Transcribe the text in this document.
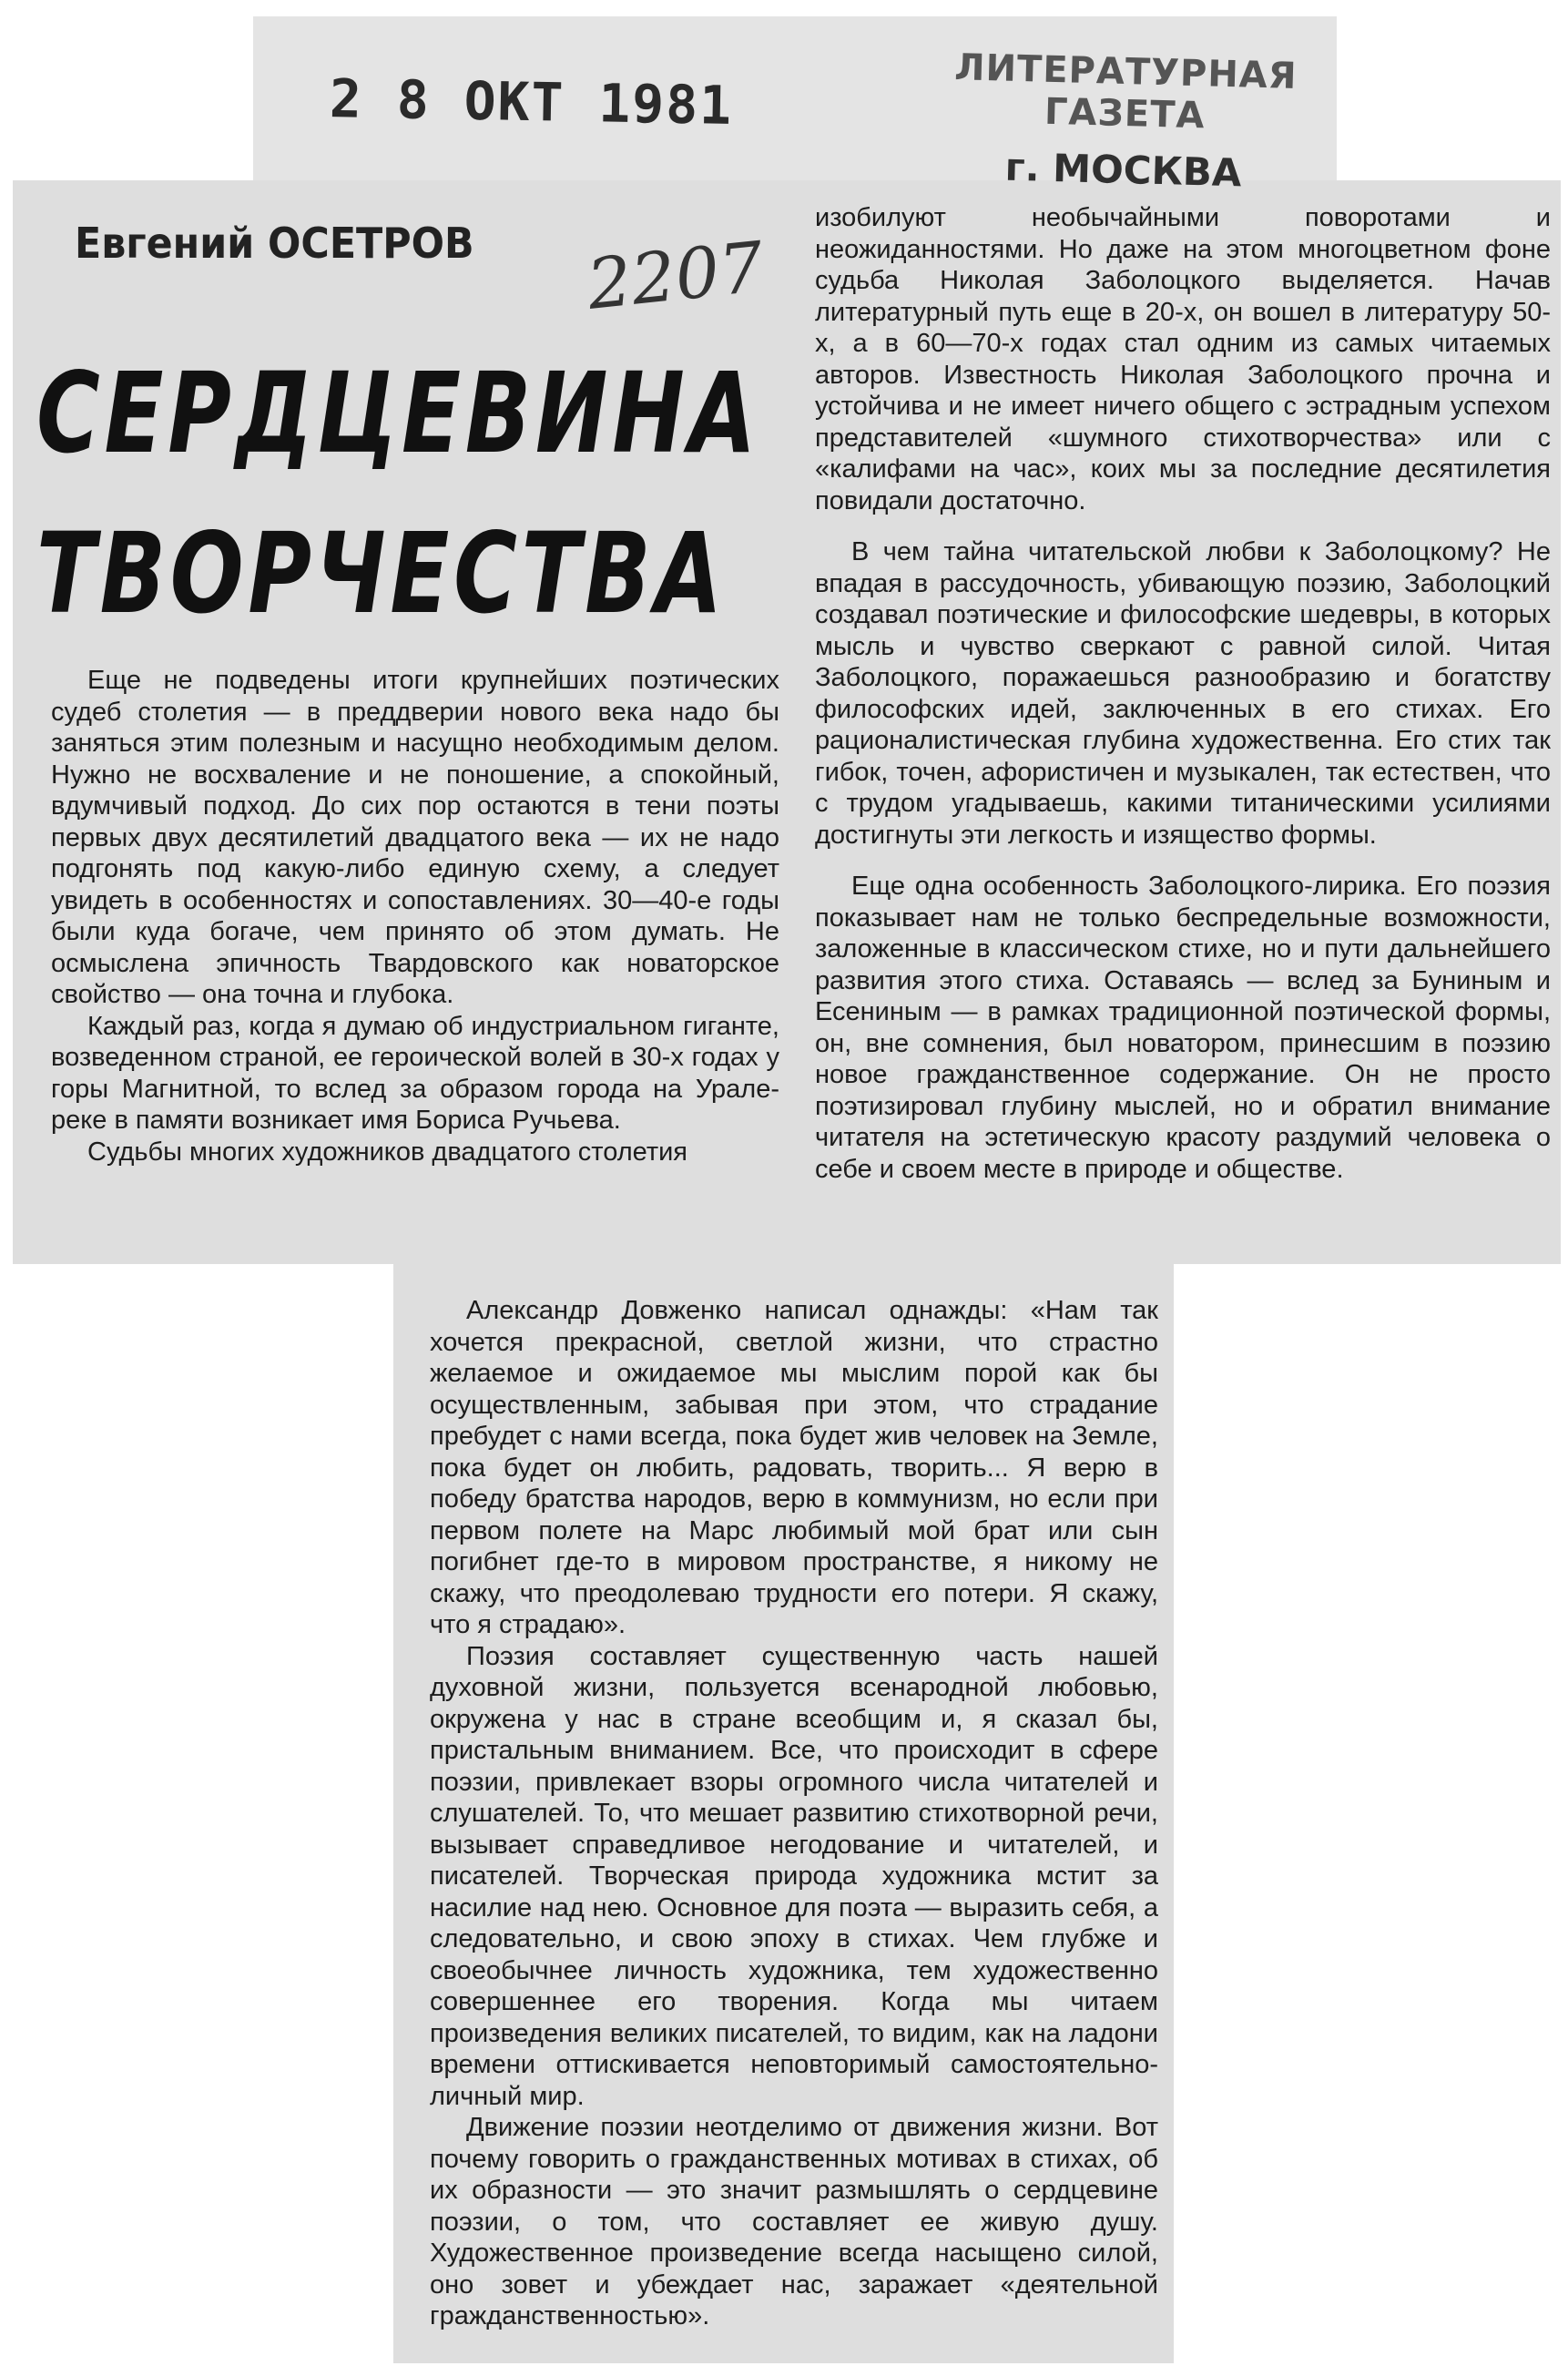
2 8 ОКТ 1981	ЛИТЕРАТУРНАЯ ГАЗЕТА
г. МОСКВА
Евгений ОСЕТРОВ 2207
СЕРДЦЕВИНА
ТВОРЧЕСТВА

Еще не подведены итоги крупнейших поэтических судеб столетия — в преддверии нового века надо бы заняться этим полезным и насущно необходимым делом. Нужно не восхваление и не поношение, а спокойный, вдумчивый подход. До сих пор остаются в тени поэты первых двух десятилетий двадцатого века — их не надо подгонять под какую-либо единую схему, а следует увидеть в особенностях и сопоставлениях. 30—40-е годы были куда богаче, чем принято об этом думать. Не осмыслена эпичность Твардовского как новаторское свойство — она точна и глубока.

Каждый раз, когда я думаю об индустриальном гиганте, возведенном страной, ее героической волей в 30-х годах у горы Магнитной, то вслед за образом города на Урале-реке в памяти возникает имя Бориса Ручьева.

Судьбы многих художников двадцатого столетия

изобилуют необычайными поворотами и неожиданностями. Но даже на этом многоцветном фоне судьба Николая Заболоцкого выделяется. Начав литературный путь еще в 20-х, он вошел в литературу 50-х, а в 60—70-х годах стал одним из самых читаемых авторов. Известность Николая Заболоцкого прочна и устойчива и не имеет ничего общего с эстрадным успехом представителей «шумного стихотворчества» или с «калифами на час», коих мы за последние десятилетия повидали достаточно.

В чем тайна читательской любви к Заболоцкому? Не впадая в рассудочность, убивающую поэзию, Заболоцкий создавал поэтические и философские шедевры, в которых мысль и чувство сверкают с равной силой. Читая Заболоцкого, поражаешься разнообразию и богатству философских идей, заключенных в его стихах. Его рационалистическая глубина художественна. Его стих так гибок, точен, афористичен и музыкален, так естествен, что с трудом угадываешь, какими титаническими усилиями достигнуты эти легкость и изящество формы.

Еще одна особенность Заболоцкого-лирика. Его поэзия показывает нам не только беспредельные возможности, заложенные в классическом стихе, но и пути дальнейшего развития этого стиха. Оставаясь — вслед за Буниным и Есениным — в рамках традиционной поэтической формы, он, вне сомнения, был новатором, принесшим в поэзию новое гражданственное содержание. Он не просто поэтизировал глубину мыслей, но и обратил внимание читателя на эстетическую красоту раздумий человека о себе и своем месте в природе и обществе.

Александр Довженко написал однажды: «Нам так хочется прекрасной, светлой жизни, что страстно желаемое и ожидаемое мы мыслим порой как бы осуществленным, забывая при этом, что страдание пребудет с нами всегда, пока будет жив человек на Земле, пока будет он любить, радовать, творить... Я верю в победу братства народов, верю в коммунизм, но если при первом полете на Марс любимый мой брат или сын погибнет где-то в мировом пространстве, я никому не скажу, что преодолеваю трудности его потери. Я скажу, что я страдаю».

Поэзия составляет существенную часть нашей духовной жизни, пользуется всенародной любовью, окружена у нас в стране всеобщим и, я сказал бы, пристальным вниманием. Все, что происходит в сфере поэзии, привлекает взоры огромного числа читателей и слушателей. То, что мешает развитию стихотворной речи, вызывает справедливое негодование и читателей, и писателей. Творческая природа художника мстит за насилие над нею. Основное для поэта — выразить себя, а следовательно, и свою эпоху в стихах. Чем глубже и своеобычнее личность художника, тем художественно совершеннее его творения. Когда мы читаем произведения великих писателей, то видим, как на ладони времени оттискивается неповторимый самостоятельно-личный мир.

Движение поэзии неотделимо от движения жизни. Вот почему говорить о гражданственных мотивах в стихах, об их образности — это значит размышлять о сердцевине поэзии, о том, что составляет ее живую душу. Художественное произведение всегда насыщено силой, оно зовет и убеждает нас, заражает «деятельной гражданственностью».
